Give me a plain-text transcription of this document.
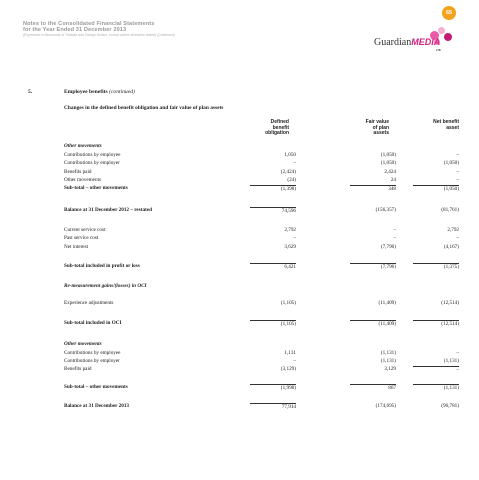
Notes to the Consolidated Financial Statements
for the Year Ended 31 December 2013
(Expressed in thousands of Trinidad and Tobago Dollars, except where otherwise stated) (Continued)
65
GuardianMEDIA
LTD
5.	Employee benefits (continued)
Changes in the defined benefit obligation and fair value of plan assets
Defined
benefit
obligation
Fair value
of plan
assets
Net benefit
asset
Other movements
Contributions by employee	1,050	(1,050)	–
Contributions by employer	–	(1,050)	(1,050)
Benefits paid	(2,424)	2,424	–
Other movements	(24)	24	–
Sub-total – other movements	(1,398)	348	(1,050)
Balance at 31 December 2012 – restated	74,596	(156,357)	(81,761)
Current service cost	2,792	–	2,792
Past service cost	–	–	–
Net interest	3,629	(7,796)	(4,167)
Sub-total included in profit or loss	6,421	(7,796)	(1,375)
Re-measurement gains/(losses) in OCI
Experience adjustments	(1,105)	(11,409)	(12,514)
Sub-total included in OCI	(1,105)	(11,409)	(12,514)
Other movements
Contributions by employee	1,131	(1,131)	–
Contributions by employer	–	(1,131)	(1,131)
Benefits paid	(3,129)	3,129	–
Sub-total – other movements	(1,998)	867	(1,131)
Balance at 31 December 2013	77,914	(174,695)	(96,781)
